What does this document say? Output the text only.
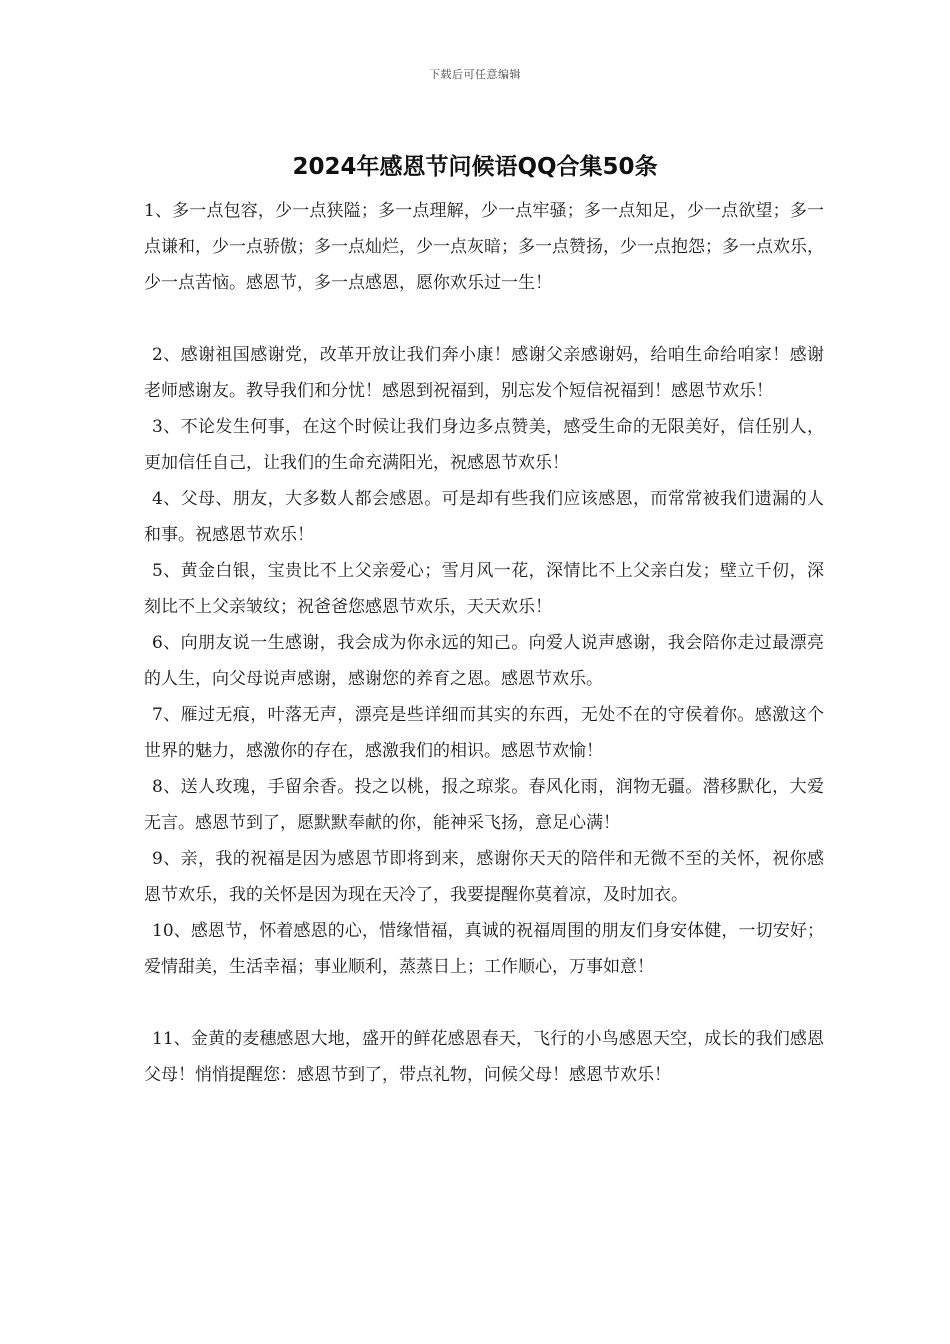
下载后可任意编辑
2024年感恩节问候语QQ合集50条

1、多一点包容，少一点狭隘；多一点理解，少一点牢骚；多一点知足，少一点欲望；多一点谦和，少一点骄傲；多一点灿烂，少一点灰暗；多一点赞扬，少一点抱怨；多一点欢乐，少一点苦恼。感恩节，多一点感恩，愿你欢乐过一生！

2、感谢祖国感谢党，改革开放让我们奔小康！感谢父亲感谢妈，给咱生命给咱家！感谢老师感谢友。教导我们和分忧！感恩到祝福到，别忘发个短信祝福到！感恩节欢乐！

3、不论发生何事，在这个时候让我们身边多点赞美，感受生命的无限美好，信任别人，更加信任自己，让我们的生命充满阳光，祝感恩节欢乐！

4、父母、朋友，大多数人都会感恩。可是却有些我们应该感恩，而常常被我们遗漏的人和事。祝感恩节欢乐！

5、黄金白银，宝贵比不上父亲爱心；雪月风一花，深情比不上父亲白发；壁立千仞，深刻比不上父亲皱纹；祝爸爸您感恩节欢乐，天天欢乐！

6、向朋友说一生感谢，我会成为你永远的知己。向爱人说声感谢，我会陪你走过最漂亮的人生，向父母说声感谢，感谢您的养育之恩。感恩节欢乐。

7、雁过无痕，叶落无声，漂亮是些详细而其实的东西，无处不在的守侯着你。感激这个世界的魅力，感激你的存在，感激我们的相识。感恩节欢愉！

8、送人玫瑰，手留余香。投之以桃，报之琼浆。春风化雨，润物无疆。潜移默化，大爱无言。感恩节到了，愿默默奉献的你，能神采飞扬，意足心满！

9、亲，我的祝福是因为感恩节即将到来，感谢你天天的陪伴和无微不至的关怀，祝你感恩节欢乐，我的关怀是因为现在天冷了，我要提醒你莫着凉，及时加衣。

10、感恩节，怀着感恩的心，惜缘惜福，真诚的祝福周围的朋友们身安体健，一切安好；爱情甜美，生活幸福；事业顺利，蒸蒸日上；工作顺心，万事如意！

11、金黄的麦穗感恩大地，盛开的鲜花感恩春天，飞行的小鸟感恩天空，成长的我们感恩父母！悄悄提醒您：感恩节到了，带点礼物，问候父母！感恩节欢乐！
